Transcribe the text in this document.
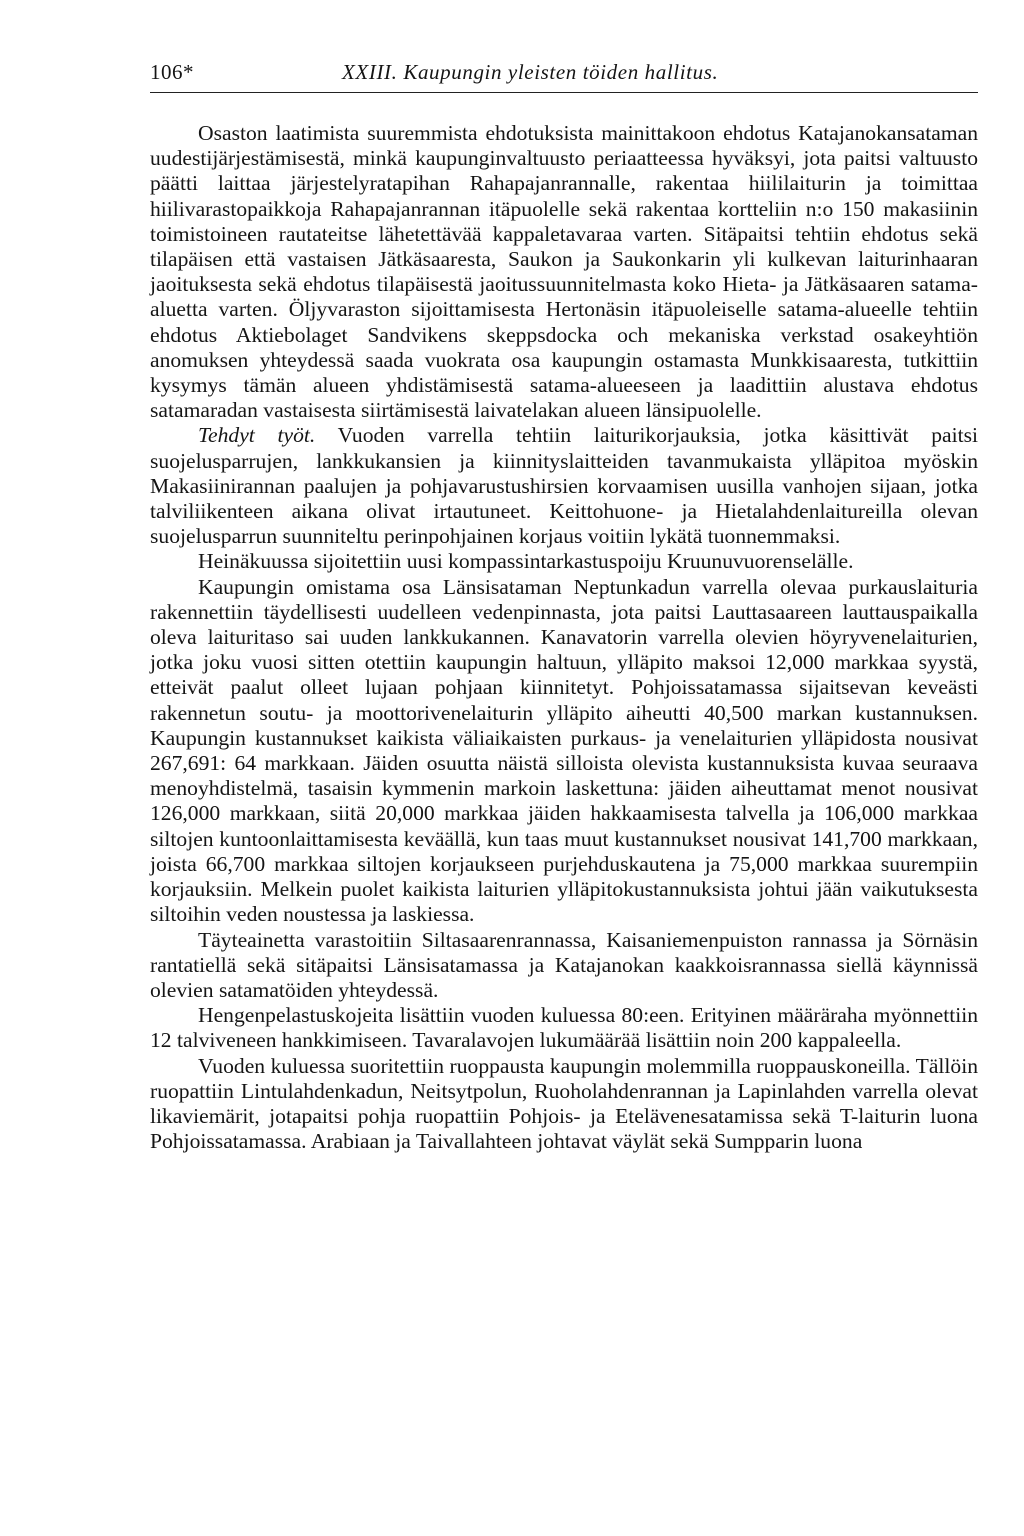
106*	XXIII. Kaupungin yleisten töiden hallitus.

Osaston laatimista suuremmista ehdotuksista mainittakoon ehdotus Katajanokansataman uudestijärjestämisestä, minkä kaupunginvaltuusto periaatteessa hyväksyi, jota paitsi valtuusto päätti laittaa järjestelyratapihan Rahapajanrannalle, rakentaa hiililaiturin ja toimittaa hiilivarastopaikkoja Rahapajanrannan itäpuolelle sekä rakentaa kortteliin n:o 150 makasiinin toimistoineen rautateitse lähetettävää kappaletavaraa varten. Sitäpaitsi tehtiin ehdotus sekä tilapäisen että vastaisen Jätkäsaaresta, Saukon ja Saukonkarin yli kulkevan laiturinhaaran jaoituksesta sekä ehdotus tilapäisestä jaoitussuunnitelmasta koko Hieta- ja Jätkäsaaren satama-aluetta varten. Öljyvaraston sijoittamisesta Hertonäsin itäpuoleiselle satama-alueelle tehtiin ehdotus Aktiebolaget Sandvikens skeppsdocka och mekaniska verkstad osakeyhtiön anomuksen yhteydessä saada vuokrata osa kaupungin ostamasta Munkkisaaresta, tutkittiin kysymys tämän alueen yhdistämisestä satama-alueeseen ja laadittiin alustava ehdotus satamaradan vastaisesta siirtämisestä laivatelakan alueen länsipuolelle.

Tehdyt työt. Vuoden varrella tehtiin laiturikorjauksia, jotka käsittivät paitsi suojelusparrujen, lankkukansien ja kiinnityslaitteiden tavanmukaista ylläpitoa myöskin Makasiinirannan paalujen ja pohjavarustushirsien korvaamisen uusilla vanhojen sijaan, jotka talviliikenteen aikana olivat irtautuneet. Keittohuone- ja Hietalahdenlaitureilla olevan suojelusparrun suunniteltu perinpohjainen korjaus voitiin lykätä tuonnemmaksi.

Heinäkuussa sijoitettiin uusi kompassintarkastuspoiju Kruunuvuorenselälle.

Kaupungin omistama osa Länsisataman Neptunkadun varrella olevaa purkauslaituria rakennettiin täydellisesti uudelleen vedenpinnasta, jota paitsi Lauttasaareen lauttauspaikalla oleva laituritaso sai uuden lankkukannen. Kanavatorin varrella olevien höyryvenelaiturien, jotka joku vuosi sitten otettiin kaupungin haltuun, ylläpito maksoi 12,000 markkaa syystä, etteivät paalut olleet lujaan pohjaan kiinnitetyt. Pohjoissatamassa sijaitsevan keveästi rakennetun soutu- ja moottorivenelaiturin ylläpito aiheutti 40,500 markan kustannuksen. Kaupungin kustannukset kaikista väliaikaisten purkaus- ja venelaiturien ylläpidosta nousivat 267,691: 64 markkaan. Jäiden osuutta näistä silloista olevista kustannuksista kuvaa seuraava menoyhdistelmä, tasaisin kymmenin markoin laskettuna: jäiden aiheuttamat menot nousivat 126,000 markkaan, siitä 20,000 markkaa jäiden hakkaamisesta talvella ja 106,000 markkaa siltojen kuntoonlaittamisesta keväällä, kun taas muut kustannukset nousivat 141,700 markkaan, joista 66,700 markkaa siltojen korjaukseen purjehduskautena ja 75,000 markkaa suurempiin korjauksiin. Melkein puolet kaikista laiturien ylläpitokustannuksista johtui jään vaikutuksesta siltoihin veden noustessa ja laskiessa.

Täyteainetta varastoitiin Siltasaarenrannassa, Kaisaniemenpuiston rannassa ja Sörnäsin rantatiellä sekä sitäpaitsi Länsisatamassa ja Katajanokan kaakkoisrannassa siellä käynnissä olevien satamatöiden yhteydessä.

Hengenpelastuskojeita lisättiin vuoden kuluessa 80:een. Erityinen määräraha myönnettiin 12 talviveneen hankkimiseen. Tavaralavojen lukumäärää lisättiin noin 200 kappaleella.

Vuoden kuluessa suoritettiin ruoppausta kaupungin molemmilla ruoppauskoneilla. Tällöin ruopattiin Lintulahdenkadun, Neitsytpolun, Ruoholahdenrannan ja Lapinlahden varrella olevat likaviemärit, jotapaitsi pohja ruopattiin Pohjois- ja Etelävenesatamissa sekä T-laiturin luona Pohjoissatamassa. Arabiaan ja Taivallahteen johtavat väylät sekä Sumpparin luona
